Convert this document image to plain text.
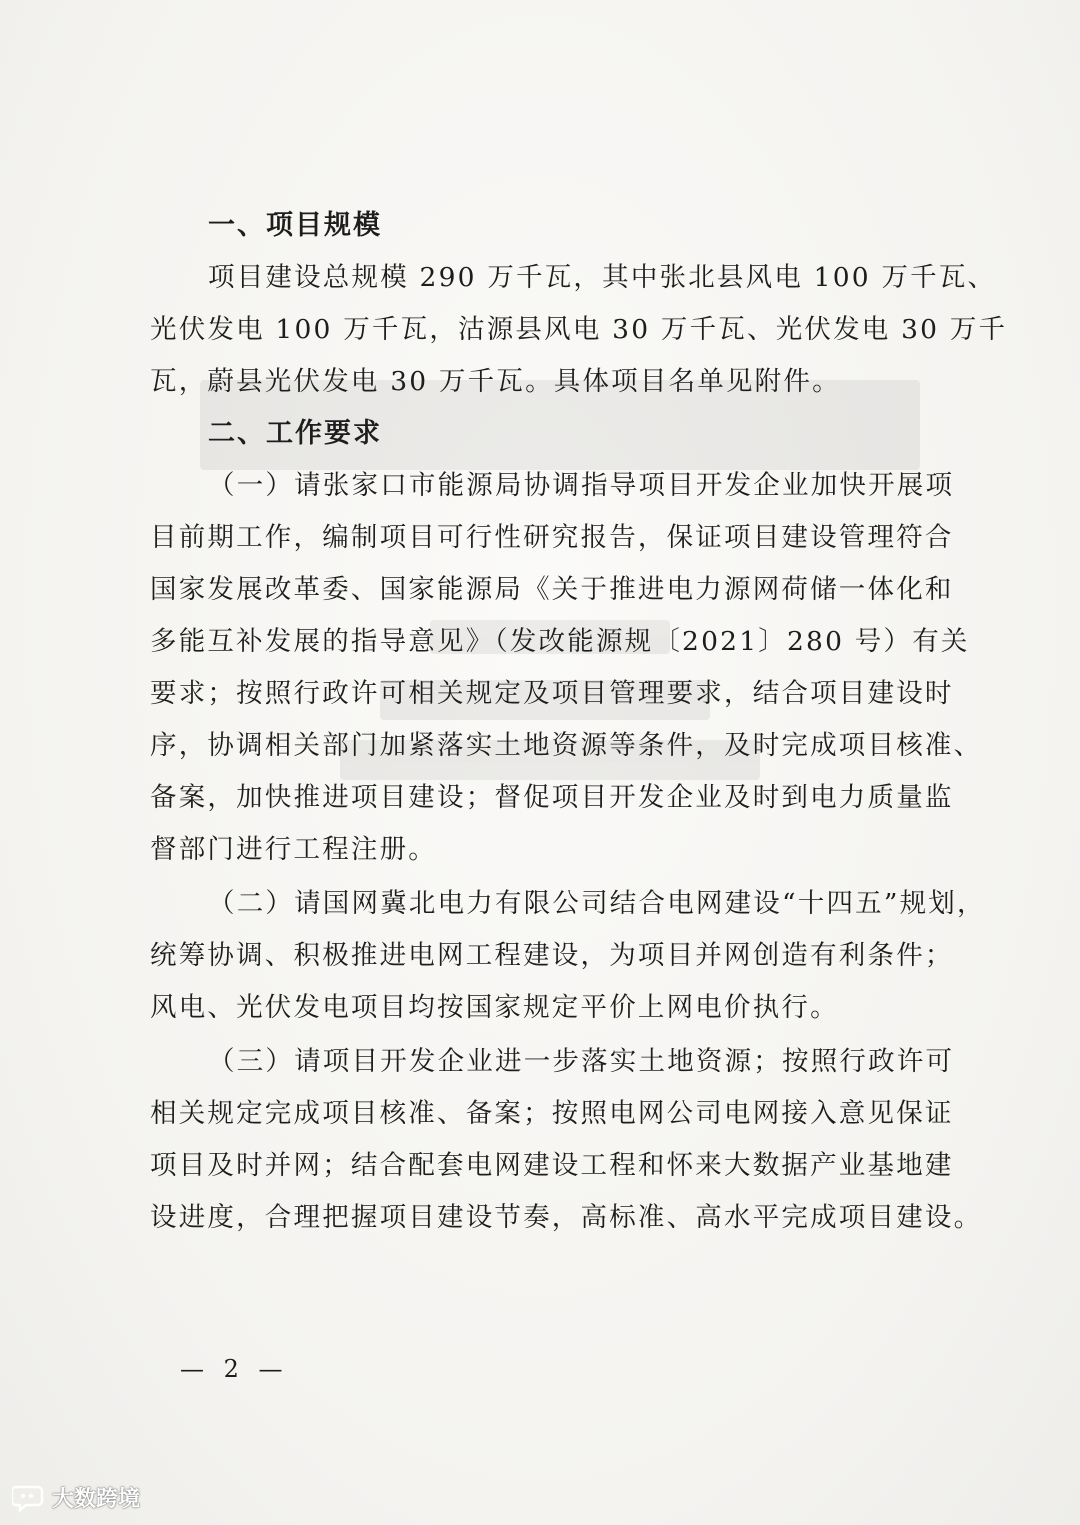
一、项目规模

项目建设总规模 290 万千瓦，其中张北县风电 100 万千瓦、
光伏发电 100 万千瓦，沽源县风电 30 万千瓦、光伏发电 30 万千
瓦，蔚县光伏发电 30 万千瓦。具体项目名单见附件。

二、工作要求

（一）请张家口市能源局协调指导项目开发企业加快开展项
目前期工作，编制项目可行性研究报告，保证项目建设管理符合
国家发展改革委、国家能源局《关于推进电力源网荷储一体化和
多能互补发展的指导意见》（发改能源规〔2021〕280 号）有关
要求；按照行政许可相关规定及项目管理要求，结合项目建设时
序，协调相关部门加紧落实土地资源等条件，及时完成项目核准、
备案，加快推进项目建设；督促项目开发企业及时到电力质量监
督部门进行工程注册。

（二）请国网冀北电力有限公司结合电网建设“十四五”规划，
统筹协调、积极推进电网工程建设，为项目并网创造有利条件；
风电、光伏发电项目均按国家规定平价上网电价执行。

（三）请项目开发企业进一步落实土地资源；按照行政许可
相关规定完成项目核准、备案；按照电网公司电网接入意见保证
项目及时并网；结合配套电网建设工程和怀来大数据产业基地建
设进度，合理把握项目建设节奏，高标准、高水平完成项目建设。

— 2 —
大数跨境
